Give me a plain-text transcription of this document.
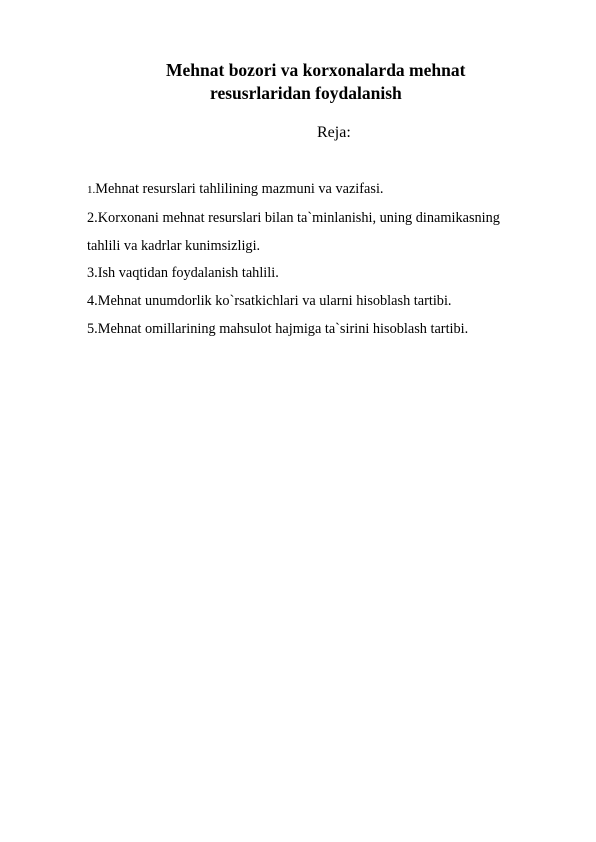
Mehnat bozori va korxonalarda mehnat
resusrlaridan foydalanish
Reja:
1.Mehnat resurslari tahlilining mazmuni va vazifasi.
2.Korxonani mehnat resurslari bilan ta`minlanishi, uning dinamikasning
tahlili va kadrlar kunimsizligi.
3.Ish vaqtidan foydalanish tahlili.
4.Mehnat unumdorlik ko`rsatkichlari va ularni hisoblash tartibi.
5.Mehnat omillarining mahsulot hajmiga ta`sirini hisoblash tartibi.
